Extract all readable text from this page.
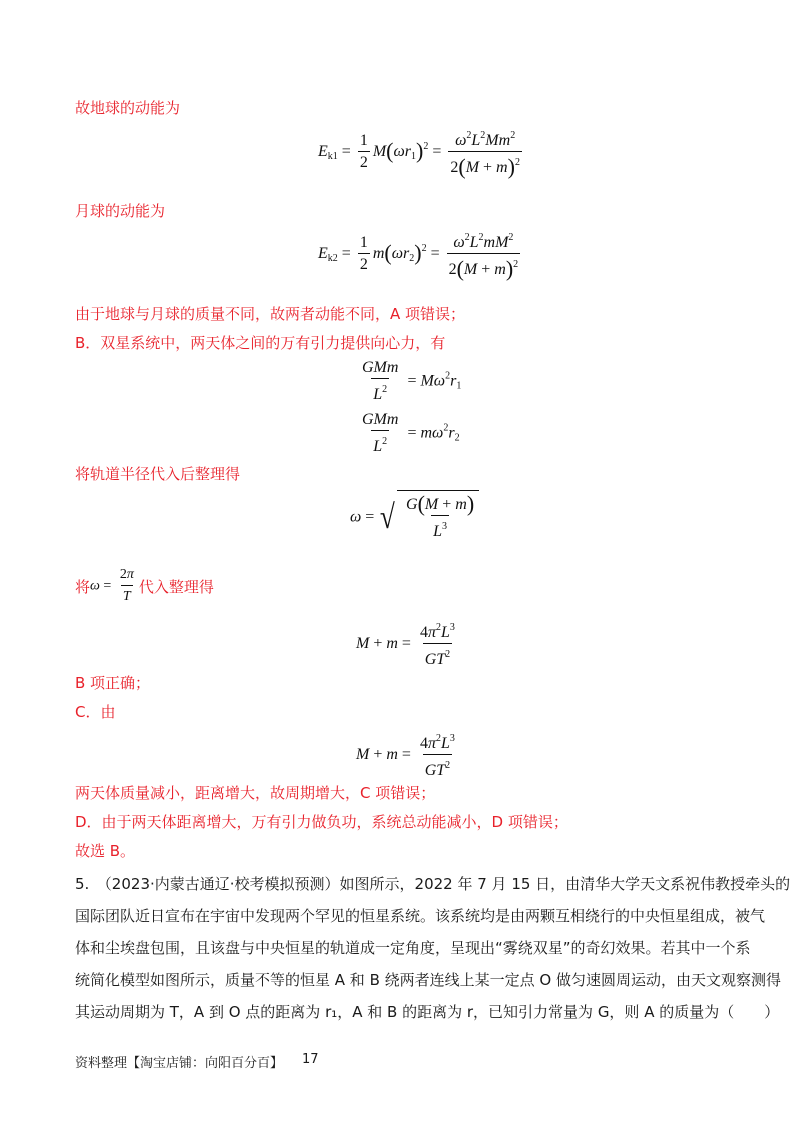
故地球的动能为
$E_{k1} = \frac{1}{2} M(\omega r_1)^2 = \frac{\omega^2L^2Mm^2}{2(M + m)^2}$
月球的动能为
$E_{k2} = \frac{1}{2} m(\omega r_2)^2 = \frac{\omega^2L^2mM^2}{2(M + m)^2}$
由于地球与月球的质量不同，故两者动能不同，A 项错误；
B．双星系统中，两天体之间的万有引力提供向心力，有
$\frac{\text{GMm}}{L^2} = M\omega^2r_1$
$\frac{\text{GMm}}{L^2} = m\omega^2r_2$
将轨道半径代入后整理得
ω = √ $\frac{G(M + m)}{L^3}$
将 $\omega = \frac{2\pi}{T}$ 代入整理得
$M + m = \frac{4\pi^2L^3}{GT^2}$
B 项正确；
C．由
$M + m = \frac{4\pi^2L^3}{GT^2}$
两天体质量减小，距离增大，故周期增大，C 项错误；
D．由于两天体距离增大，万有引力做负功，系统总动能减小，D 项错误；
故选 B。
5.　（2023·内蒙古通辽·校考模拟预测）如图所示，2022 年 7 月 15 日，由清华大学天文系祝伟教授牵头的
国际团队近日宣布在宇宙中发现两个罕见的恒星系统。该系统均是由两颗互相绕行的中央恒星组成，被气
体和尘埃盘包围，且该盘与中央恒星的轨道成一定角度，呈现出“雾绕双星”的奇幻效果。若其中一个系
统简化模型如图所示，质量不等的恒星 A 和 B 绕两者连线上某一定点 O 做匀速圆周运动，由天文观察测得
其运动周期为 T，A 到 O 点的距离为 r₁，A 和 B 的距离为 r，已知引力常量为 G，则 A 的质量为（　　）
资料整理【淘宝店铺：向阳百分百】 17
